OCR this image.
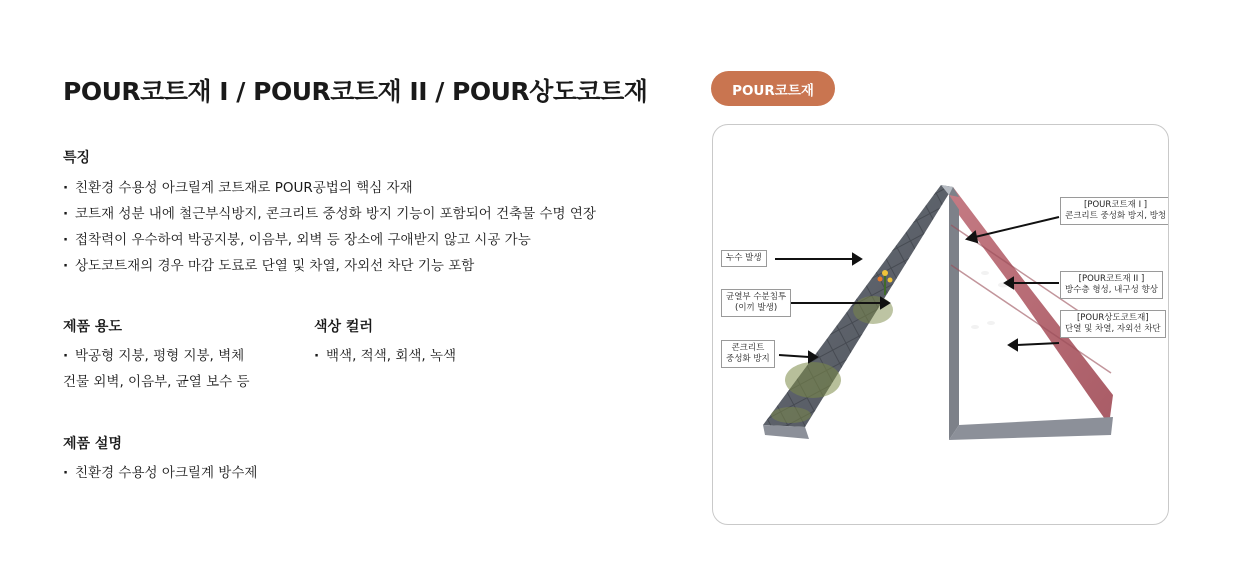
POUR코트재 I / POUR코트재 II / POUR상도코트재
특징
· 친환경 수용성 아크릴계 코트재로 POUR공법의 핵심 자재
· 코트재 성분 내에 철근부식방지, 콘크리트 중성화 방지 기능이 포함되어 건축물 수명 연장
· 접착력이 우수하여 박공지붕, 이음부, 외벽 등 장소에 구애받지 않고 시공 가능
· 상도코트재의 경우 마감 도료로 단열 및 차열, 자외선 차단 기능 포함
제품 용도
· 박공형 지붕, 평형 지붕, 벽체
건물 외벽, 이음부, 균열 보수 등
색상 컬러
· 백색, 적색, 회색, 녹색
제품 설명
· 친환경 수용성 아크릴계 방수제
POUR코트재
누수 발생
균열부 수분침투
(이끼 발생)
콘크리트
중성화 방지
[POUR코트재 I ]
콘크리트 중성화 방지, 방청
[POUR코트재 II ]
방수층 형성, 내구성 향상
[POUR상도코트재]
단열 및 차열, 자외선 차단
